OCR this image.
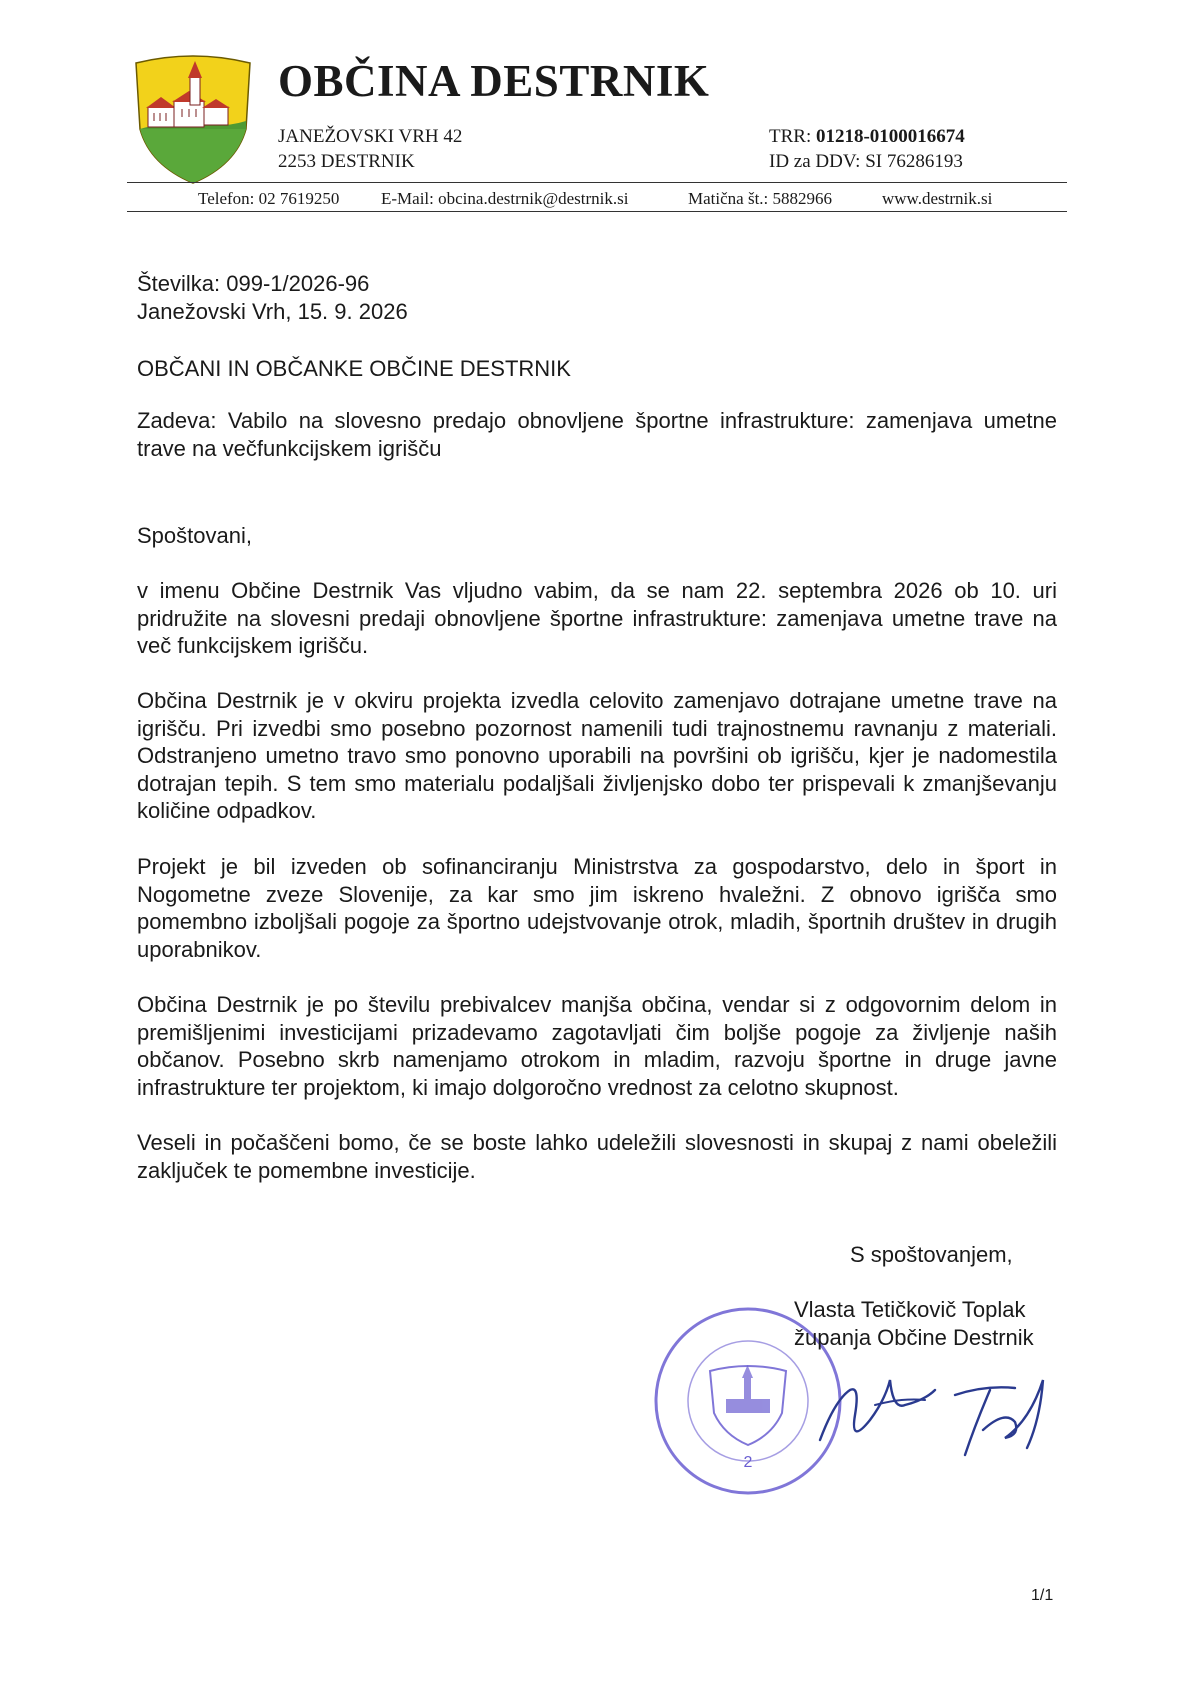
OBČINA DESTRNIK
JANEŽOVSKI VRH 42
2253 DESTRNIK
TRR: 01218-0100016674
ID za DDV: SI 76286193
Telefon: 02 7619250 E-Mail: obcina.destrnik@destrnik.si	Matična št.: 5882966	www.destrnik.si
Številka: 099-1/2026-96
Janežovski Vrh, 15. 9. 2026
OBČANI IN OBČANKE OBČINE DESTRNIK
Zadeva: Vabilo na slovesno predajo obnovljene športne infrastrukture: zamenjava umetne trave na večfunkcijskem igrišču
Spoštovani,
v imenu Občine Destrnik Vas vljudno vabim, da se nam 22. septembra 2026 ob 10. uri pridružite na slovesni predaji obnovljene športne infrastrukture: zamenjava umetne trave na več funkcijskem igrišču.
Občina Destrnik je v okviru projekta izvedla celovito zamenjavo dotrajane umetne trave na igrišču. Pri izvedbi smo posebno pozornost namenili tudi trajnostnemu ravnanju z materiali. Odstranjeno umetno travo smo ponovno uporabili na površini ob igrišču, kjer je nadomestila dotrajan tepih. S tem smo materialu podaljšali življenjsko dobo ter prispevali k zmanjševanju količine odpadkov.
Projekt je bil izveden ob sofinanciranju Ministrstva za gospodarstvo, delo in šport in Nogometne zveze Slovenije, za kar smo jim iskreno hvaležni. Z obnovo igrišča smo pomembno izboljšali pogoje za športno udejstvovanje otrok, mladih, športnih društev in drugih uporabnikov.
Občina Destrnik je po številu prebivalcev manjša občina, vendar si z odgovornim delom in premišljenimi investicijami prizadevamo zagotavljati čim boljše pogoje za življenje naših občanov. Posebno skrb namenjamo otrokom in mladim, razvoju športne in druge javne infrastrukture ter projektom, ki imajo dolgoročno vrednost za celotno skupnost.
Veseli in počaščeni bomo, če se boste lahko udeležili slovesnosti in skupaj z nami obeležili zaključek te pomembne investicije.
S spoštovanjem,
2
Vlasta Tetičkovič Toplak
županja Občine Destrnik
1/1
